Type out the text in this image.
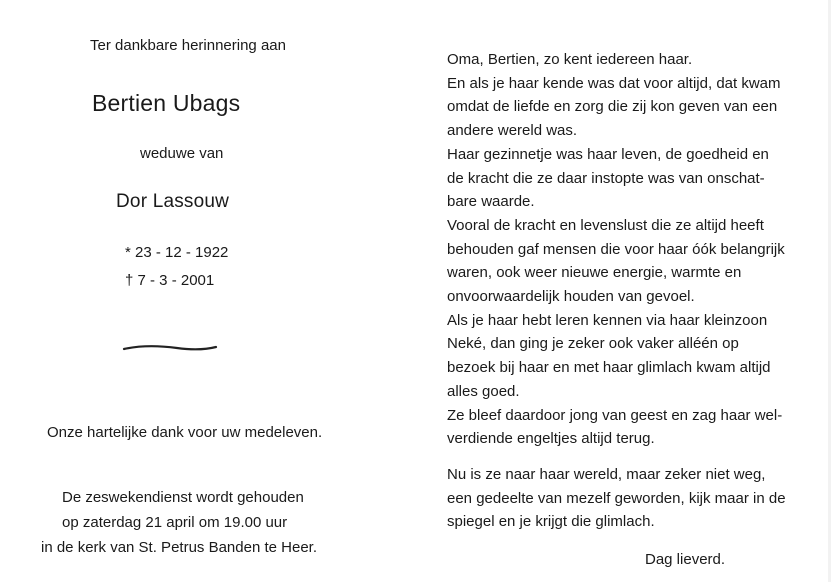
Ter dankbare herinnering aan
Bertien Ubags
weduwe van
Dor Lassouw
* 23 - 12 - 1922
† 7 - 3 - 2001
Onze hartelijke dank voor uw medeleven.
De zeswekendienst wordt gehouden
op zaterdag 21 april om 19.00 uur
in de kerk van St. Petrus Banden te Heer.
Oma, Bertien, zo kent iedereen haar.
En als je haar kende was dat voor altijd, dat kwam
omdat de liefde en zorg die zij kon geven van een
andere wereld was.
Haar gezinnetje was haar leven, de goedheid en
de kracht die ze daar instopte was van onschat-
bare waarde.
Vooral de kracht en levenslust die ze altijd heeft
behouden gaf mensen die voor haar óók belangrijk
waren, ook weer nieuwe energie, warmte en
onvoorwaardelijk houden van gevoel.
Als je haar hebt leren kennen via haar kleinzoon
Neké, dan ging je zeker ook vaker alléén op
bezoek bij haar en met haar glimlach kwam altijd
alles goed.
Ze bleef daardoor jong van geest en zag haar wel-
verdiende engeltjes altijd terug.
Nu is ze naar haar wereld, maar zeker niet weg,
een gedeelte van mezelf geworden, kijk maar in de
spiegel en je krijgt die glimlach.
Dag lieverd.
